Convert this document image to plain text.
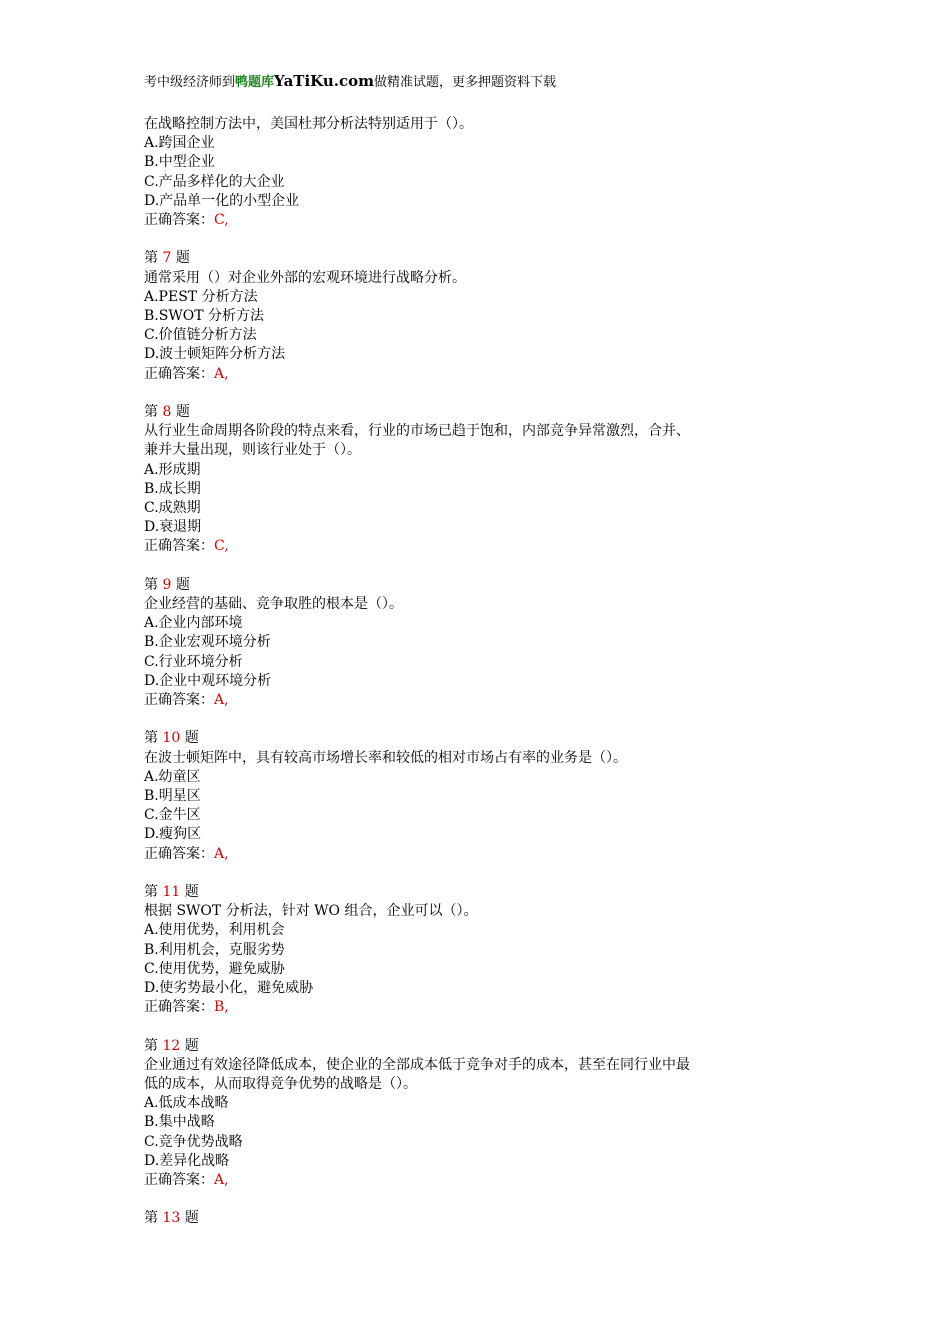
考中级经济师到鸭题库YaTiKu.com做精准试题，更多押题资料下载
在战略控制方法中，美国杜邦分析法特别适用于（）。
A.跨国企业
B.中型企业
C.产品多样化的大企业
D.产品单一化的小型企业
正确答案：C,
第 7 题
通常采用（）对企业外部的宏观环境进行战略分析。
A.PEST 分析方法
B.SWOT 分析方法
C.价值链分析方法
D.波士顿矩阵分析方法
正确答案：A,
第 8 题
从行业生命周期各阶段的特点来看，行业的市场已趋于饱和，内部竞争异常激烈，合并、
兼并大量出现，则该行业处于（）。
A.形成期
B.成长期
C.成熟期
D.衰退期
正确答案：C,
第 9 题
企业经营的基础、竞争取胜的根本是（）。
A.企业内部环境
B.企业宏观环境分析
C.行业环境分析
D.企业中观环境分析
正确答案：A,
第 10 题
在波士顿矩阵中，具有较高市场增长率和较低的相对市场占有率的业务是（）。
A.幼童区
B.明星区
C.金牛区
D.瘦狗区
正确答案：A,
第 11 题
根据 SWOT 分析法，针对 WO 组合，企业可以（）。
A.使用优势，利用机会
B.利用机会，克服劣势
C.使用优势，避免威胁
D.使劣势最小化，避免威胁
正确答案：B,
第 12 题
企业通过有效途径降低成本，使企业的全部成本低于竞争对手的成本，甚至在同行业中最
低的成本，从而取得竞争优势的战略是（）。
A.低成本战略
B.集中战略
C.竞争优势战略
D.差异化战略
正确答案：A,
第 13 题
